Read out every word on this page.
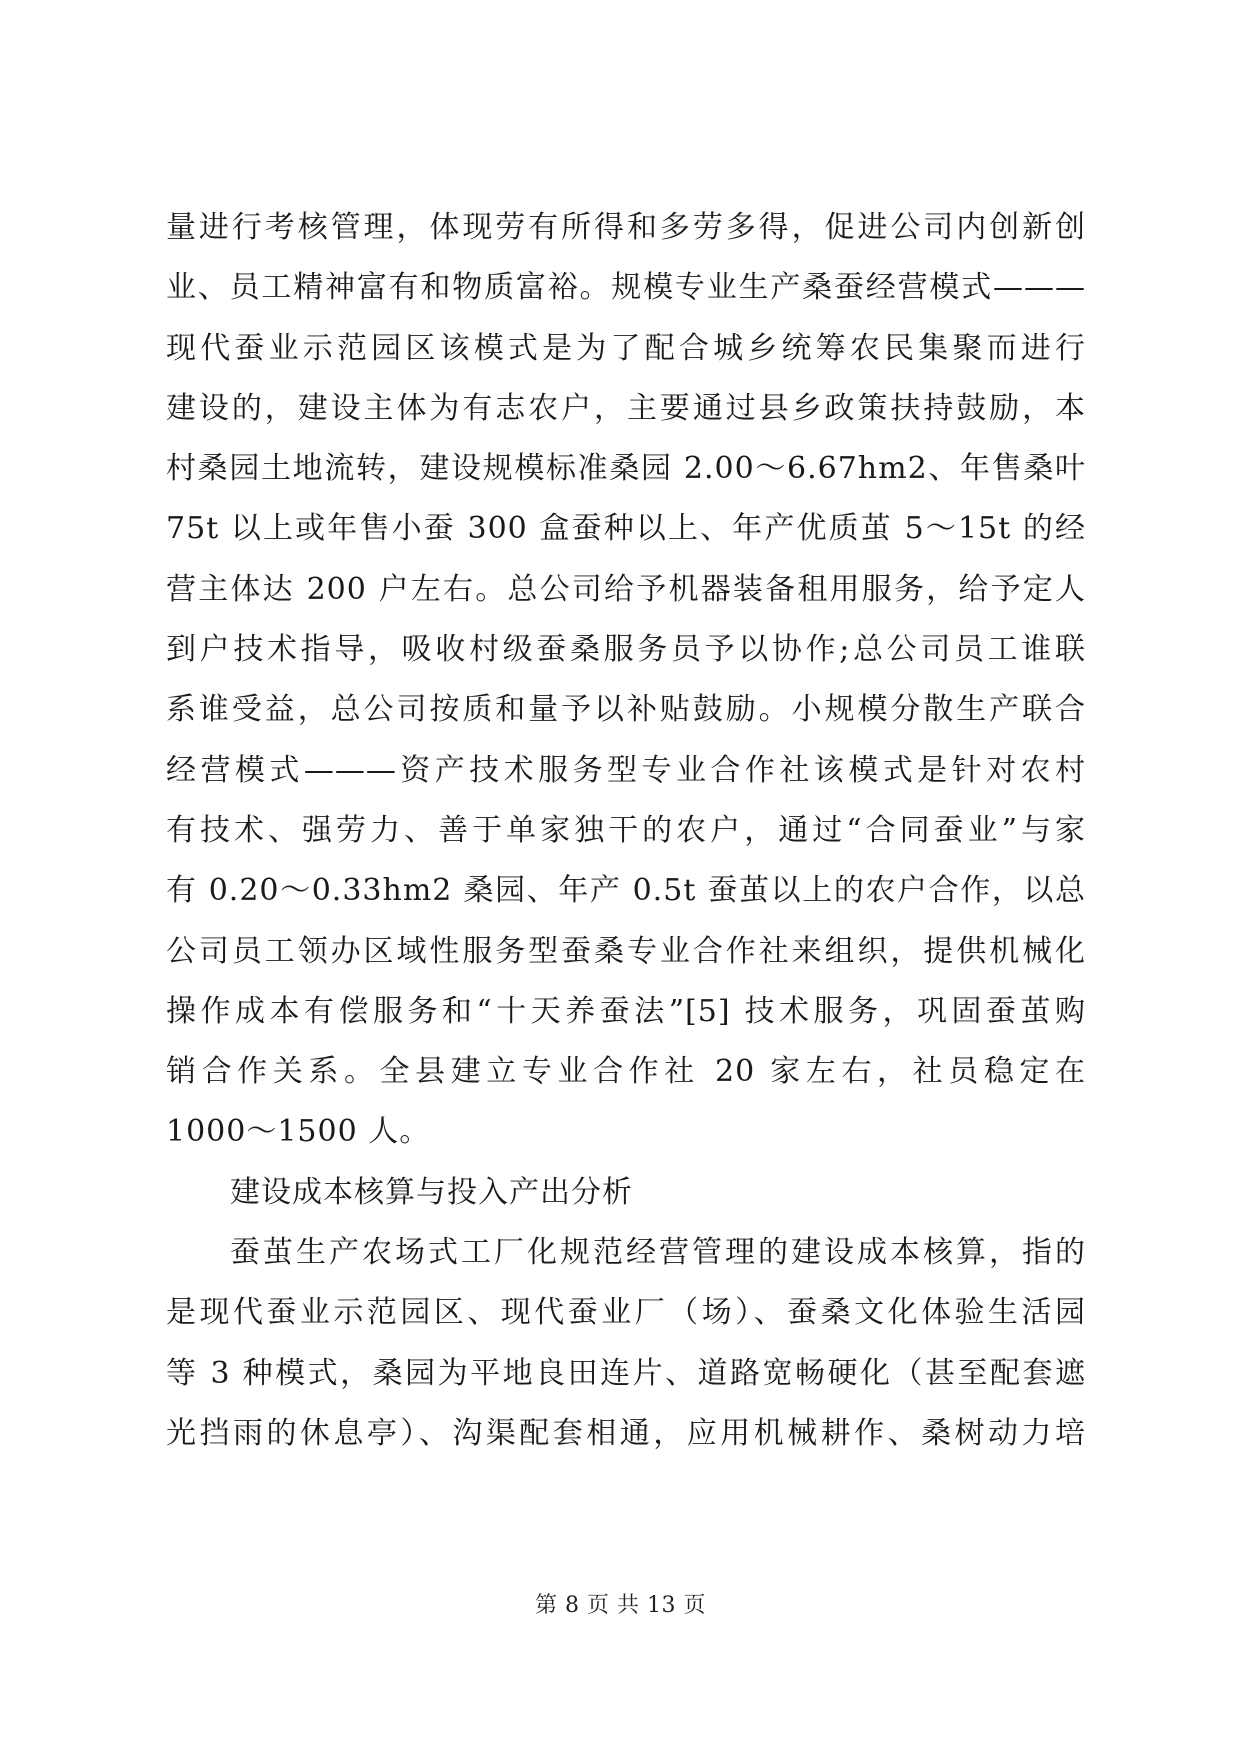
量进行考核管理，体现劳有所得和多劳多得，促进公司内创新创
业、员工精神富有和物质富裕。规模专业生产桑蚕经营模式———
现代蚕业示范园区该模式是为了配合城乡统筹农民集聚而进行
建设的，建设主体为有志农户，主要通过县乡政策扶持鼓励，本
村桑园土地流转，建设规模标准桑园 2.00～6.67hm2、年售桑叶
75t 以上或年售小蚕 300 盒蚕种以上、年产优质茧 5～15t 的经
营主体达 200 户左右。总公司给予机器装备租用服务，给予定人
到户技术指导，吸收村级蚕桑服务员予以协作;总公司员工谁联
系谁受益，总公司按质和量予以补贴鼓励。小规模分散生产联合
经营模式———资产技术服务型专业合作社该模式是针对农村
有技术、强劳力、善于单家独干的农户，通过“合同蚕业”与家
有 0.20～0.33hm2 桑园、年产 0.5t 蚕茧以上的农户合作，以总
公司员工领办区域性服务型蚕桑专业合作社来组织，提供机械化
操作成本有偿服务和“十天养蚕法”[5] 技术服务，巩固蚕茧购
销合作关系。全县建立专业合作社 20 家左右，社员稳定在
1000～1500 人。
建设成本核算与投入产出分析
蚕茧生产农场式工厂化规范经营管理的建设成本核算，指的
是现代蚕业示范园区、现代蚕业厂（场）、蚕桑文化体验生活园
等 3 种模式，桑园为平地良田连片、道路宽畅硬化（甚至配套遮
光挡雨的休息亭）、沟渠配套相通，应用机械耕作、桑树动力培
第 8 页 共 13 页
